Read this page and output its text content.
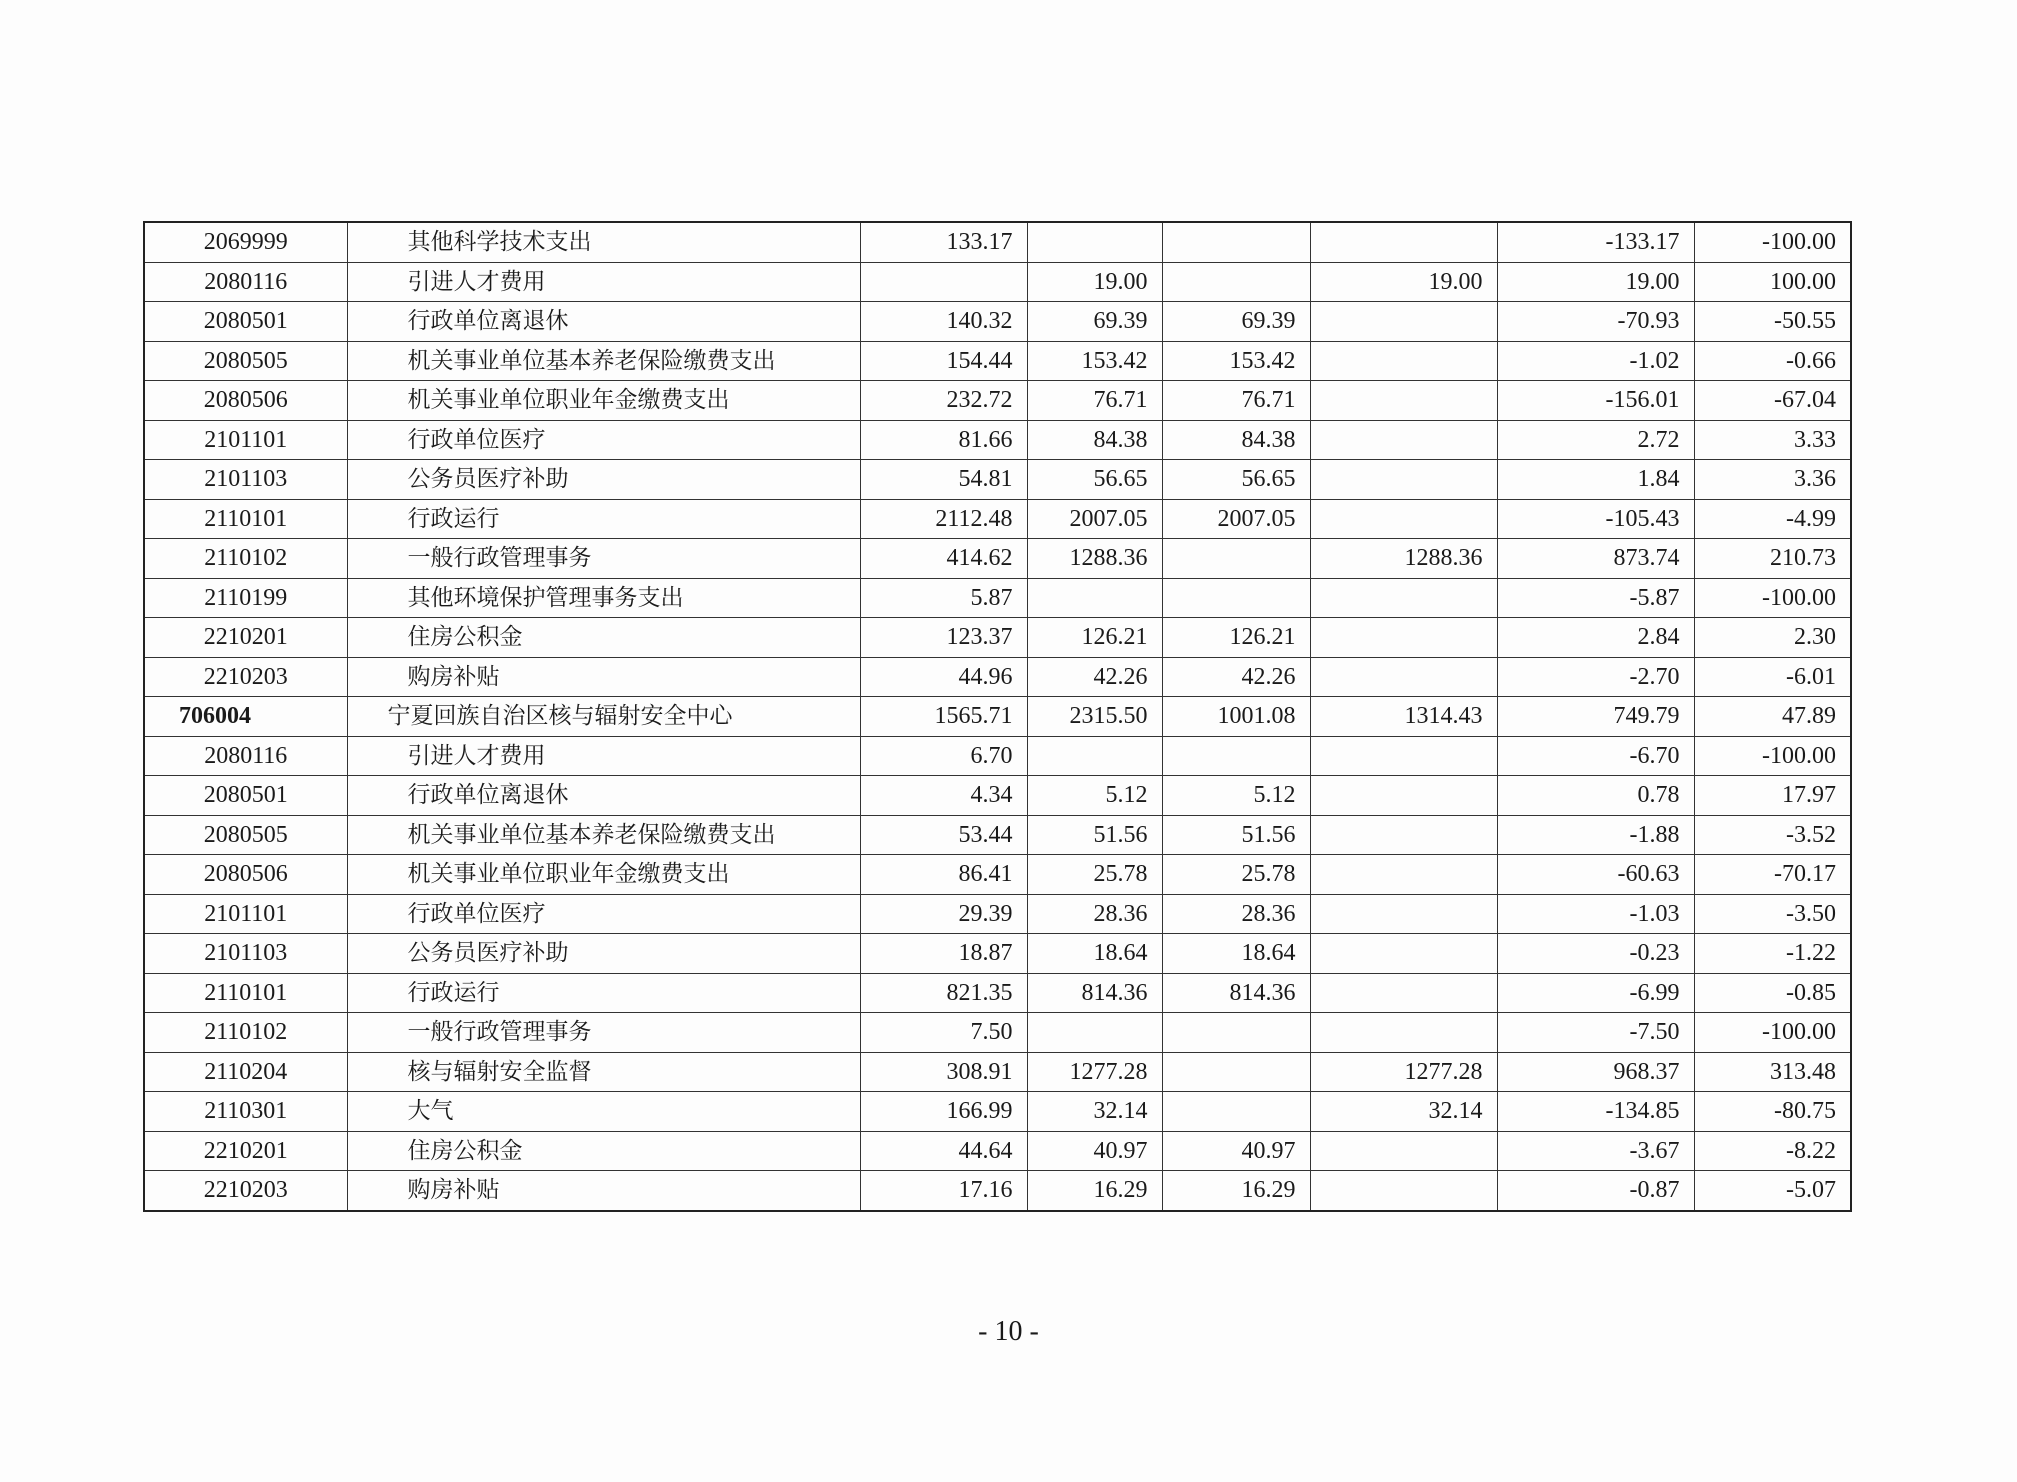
2069999	其他科学技术支出	133.17				-133.17	-100.00
2080116	引进人才费用		19.00		19.00	19.00	100.00
2080501	行政单位离退休	140.32	69.39	69.39		-70.93	-50.55
2080505	机关事业单位基本养老保险缴费支出	154.44	153.42	153.42		-1.02	-0.66
2080506	机关事业单位职业年金缴费支出	232.72	76.71	76.71		-156.01	-67.04
2101101	行政单位医疗	81.66	84.38	84.38		2.72	3.33
2101103	公务员医疗补助	54.81	56.65	56.65		1.84	3.36
2110101	行政运行	2112.48	2007.05	2007.05		-105.43	-4.99
2110102	一般行政管理事务	414.62	1288.36		1288.36	873.74	210.73
2110199	其他环境保护管理事务支出	5.87				-5.87	-100.00
2210201	住房公积金	123.37	126.21	126.21		2.84	2.30
2210203	购房补贴	44.96	42.26	42.26		-2.70	-6.01
706004	宁夏回族自治区核与辐射安全中心	1565.71	2315.50	1001.08	1314.43	749.79	47.89
2080116	引进人才费用	6.70				-6.70	-100.00
2080501	行政单位离退休	4.34	5.12	5.12		0.78	17.97
2080505	机关事业单位基本养老保险缴费支出	53.44	51.56	51.56		-1.88	-3.52
2080506	机关事业单位职业年金缴费支出	86.41	25.78	25.78		-60.63	-70.17
2101101	行政单位医疗	29.39	28.36	28.36		-1.03	-3.50
2101103	公务员医疗补助	18.87	18.64	18.64		-0.23	-1.22
2110101	行政运行	821.35	814.36	814.36		-6.99	-0.85
2110102	一般行政管理事务	7.50				-7.50	-100.00
2110204	核与辐射安全监督	308.91	1277.28		1277.28	968.37	313.48
2110301	大气	166.99	32.14		32.14	-134.85	-80.75
2210201	住房公积金	44.64	40.97	40.97		-3.67	-8.22
2210203	购房补贴	17.16	16.29	16.29		-0.87	-5.07
- 10 -
